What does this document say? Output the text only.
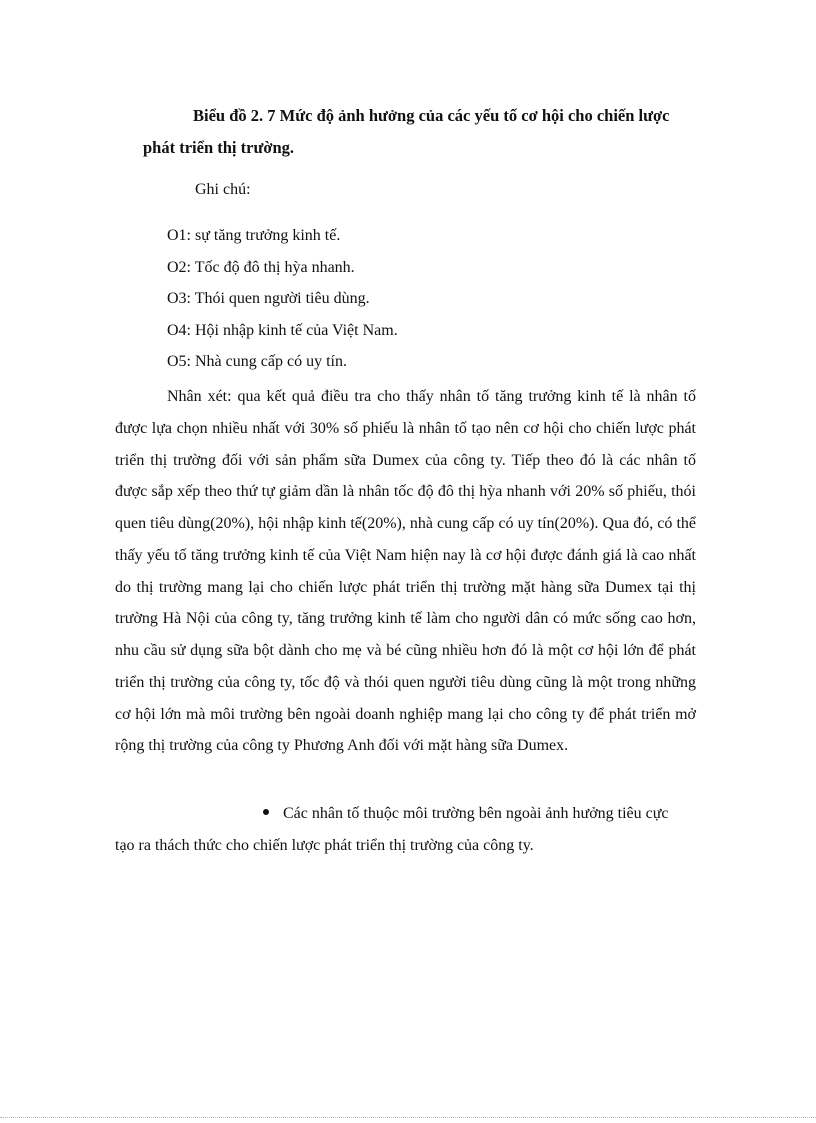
Biểu đồ 2. 7 Mức độ ảnh hưởng của các yếu tố cơ hội cho chiến lược
phát triển thị trường.

Ghi chú:

O1: sự tăng trưởng kinh tế.
O2: Tốc độ đô thị hỳa nhanh.
O3: Thói quen người tiêu dùng.
O4: Hội nhập kinh tế của Việt Nam.
O5: Nhà cung cấp có uy tín.

Nhân xét: qua kết quả điều tra cho thấy nhân tố tăng trưởng kinh tế là nhân tố được lựa chọn nhiều nhất với 30% số phiếu là nhân tố tạo nên cơ hội cho chiến lược phát triển thị trường đối với sản phẩm sữa Dumex của công ty. Tiếp theo đó là các nhân tố được sắp xếp theo thứ tự giảm dần là nhân tốc độ đô thị hỳa nhanh với 20% số phiếu, thói quen tiêu dùng(20%), hội nhập kinh tế(20%), nhà cung cấp có uy tín(20%). Qua đó, có thể thấy yếu tố tăng trưởng kinh tế của Việt Nam hiện nay là cơ hội được đánh giá là cao nhất do thị trường mang lại cho chiến lược phát triển thị trường mặt hàng sữa Dumex tại thị trường Hà Nội của công ty, tăng trưởng kinh tế làm cho người dân có mức sống cao hơn, nhu cầu sử dụng sữa bột dành cho mẹ và bé cũng nhiều hơn đó là một cơ hội lớn để phát triển thị trường của công ty, tốc độ và thói quen người tiêu dùng cũng là một trong những cơ hội lớn mà môi trường bên ngoài doanh nghiệp mang lại cho công ty để phát triển mở rộng thị trường của công ty Phương Anh đối với mặt hàng sữa Dumex.

Các nhân tố thuộc môi trường bên ngoài ảnh hưởng tiêu cực
tạo ra thách thức cho chiến lược phát triển thị trường của công ty.
